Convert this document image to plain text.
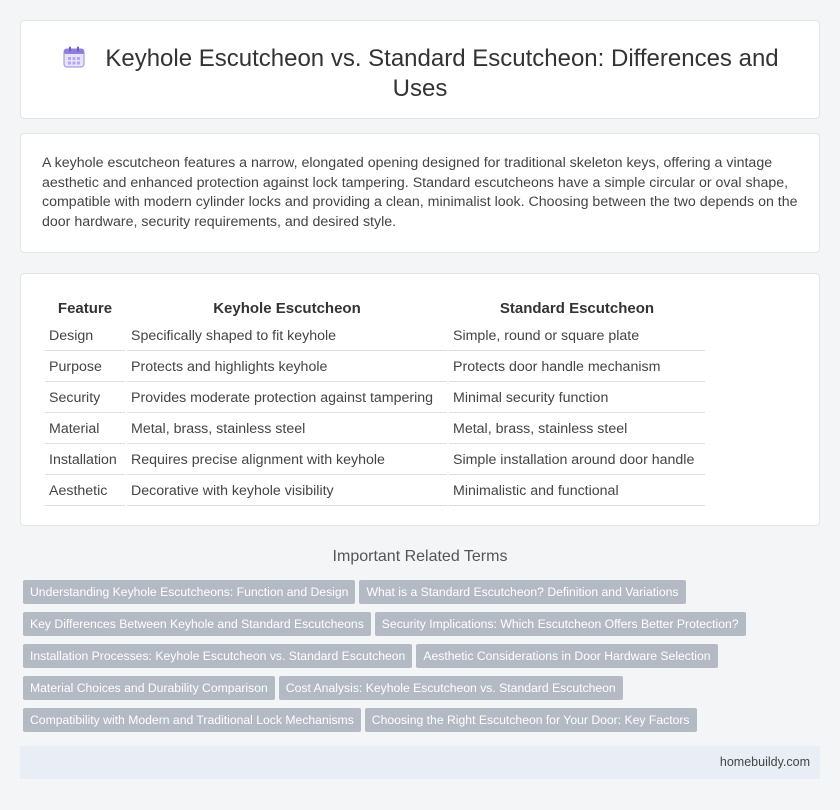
Keyhole Escutcheon vs. Standard Escutcheon: Differences and Uses

A keyhole escutcheon features a narrow, elongated opening designed for traditional skeleton keys, offering a vintage aesthetic and enhanced protection against lock tampering. Standard escutcheons have a simple circular or oval shape, compatible with modern cylinder locks and providing a clean, minimalist look. Choosing between the two depends on the door hardware, security requirements, and desired style.

Feature	Keyhole Escutcheon	Standard Escutcheon
Design	Specifically shaped to fit keyhole	Simple, round or square plate
Purpose	Protects and highlights keyhole	Protects door handle mechanism
Security	Provides moderate protection against tampering	Minimal security function
Material	Metal, brass, stainless steel	Metal, brass, stainless steel
Installation	Requires precise alignment with keyhole	Simple installation around door handle
Aesthetic	Decorative with keyhole visibility	Minimalistic and functional
Important Related Terms
Understanding Keyhole Escutcheons: Function and Design What is a Standard Escutcheon? Definition and Variations
Key Differences Between Keyhole and Standard Escutcheons Security Implications: Which Escutcheon Offers Better Protection?
Installation Processes: Keyhole Escutcheon vs. Standard Escutcheon Aesthetic Considerations in Door Hardware Selection
Material Choices and Durability Comparison Cost Analysis: Keyhole Escutcheon vs. Standard Escutcheon
Compatibility with Modern and Traditional Lock Mechanisms Choosing the Right Escutcheon for Your Door: Key Factors
homebuildy.com
